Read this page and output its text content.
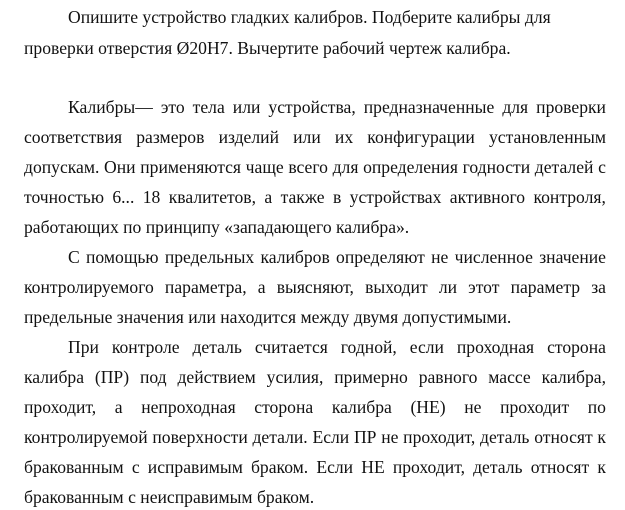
Опишите устройство гладких калибров. Подберите калибры для
проверки отверстия Ø20H7. Вычертите рабочий чертеж калибра.
Калибры— это тела или устройства, предназначенные для проверки
соответствия размеров изделий или их конфигурации установленным
допускам. Они применяются чаще всего для определения годности деталей с
точностью 6... 18 квалитетов, а также в устройствах активного контроля,
работающих по принципу «западающего калибра».
С помощью предельных калибров определяют не численное значение
контролируемого параметра, а выясняют, выходит ли этот параметр за
предельные значения или находится между двумя допустимыми.
При контроле деталь считается годной, если проходная сторона
калибра (ПР) под действием усилия, примерно равного массе калибра,
проходит, а непроходная сторона калибра (НЕ) не проходит по
контролируемой поверхности детали. Если ПР не проходит, деталь относят к
бракованным с исправимым браком. Если НЕ проходит, деталь относят к
бракованным с неисправимым браком.
